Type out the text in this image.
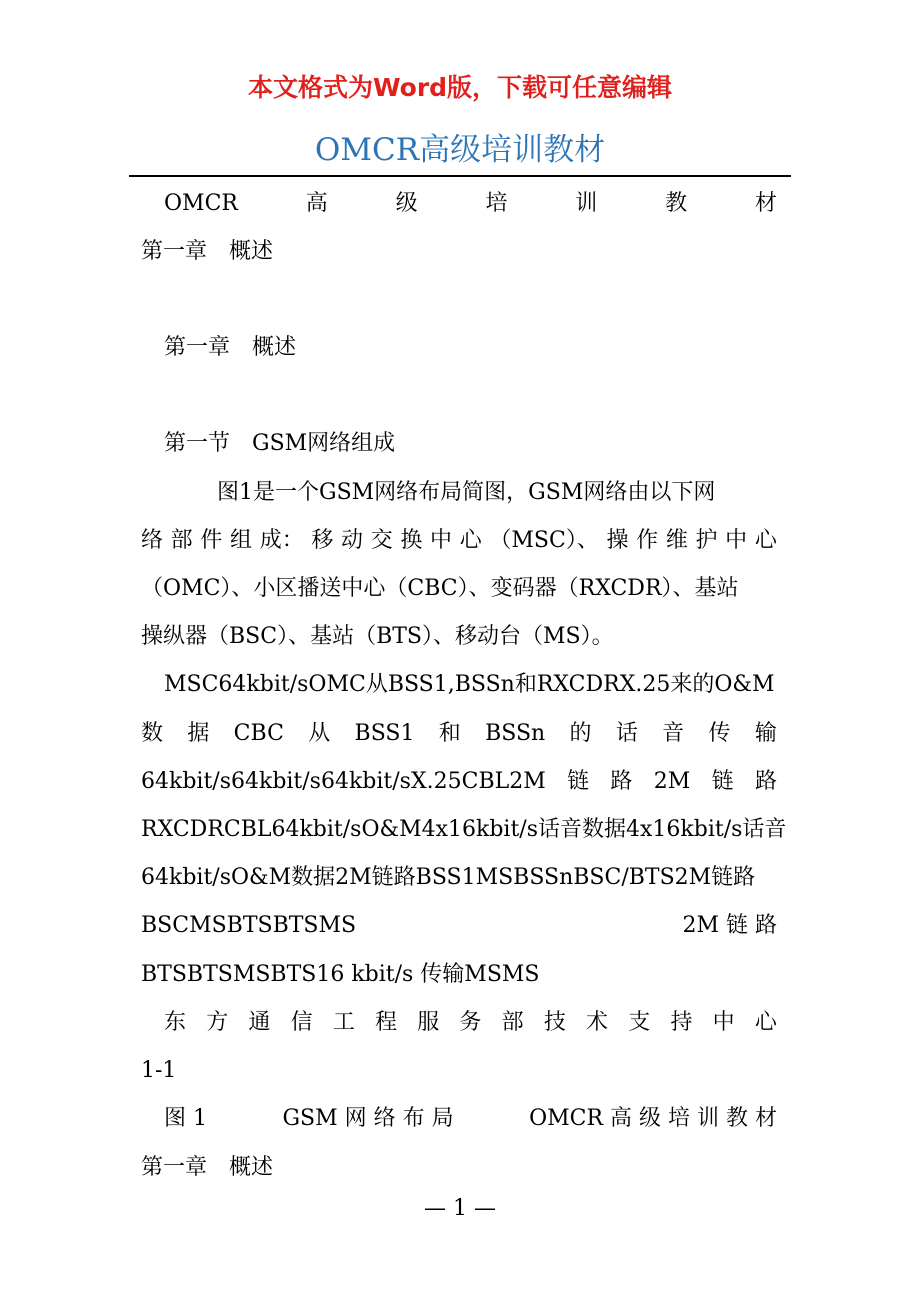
本文格式为Word版，下载可任意编辑
OMCR高级培训教材
OMCR	高	级	培	训	教	材
第一章　概述
第一章　概述
第一节　GSM网络组成
图1是一个GSM网络布局简图，GSM网络由以下网
络 部 件 组 成： 移 动 交 换 中 心 （MSC）、 操 作 维 护 中 心
（OMC）、小区播送中心（CBC）、变码器（RXCDR）、基站
操纵器（BSC）、基站（BTS）、移动台（MS）。
MSC64kbit/sOMC从BSS1,BSSn和RXCDRX.25来的O&M
数 据 CBC 从 BSS1 和 BSSn 的 话 音 传 输
64kbit/s64kbit/s64kbit/sX.25CBL2M 链 路 2M 链 路
RXCDRCBL64kbit/sO&M4x16kbit/s话音数据4x16kbit/s话音
64kbit/sO&M数据2M链路BSS1MSBSSnBSC/BTS2M链路
BSCMSBTSBTSMS	2M 链 路
BTSBTSMSBTS16 kbit/s 传输MSMS
东 方 通 信 工 程 服 务 部 技 术 支 持 中 心
1-1
图 1	GSM 网 络 布 局	OMCR 高 级 培 训 教 材
第一章　概述
— 1 —
